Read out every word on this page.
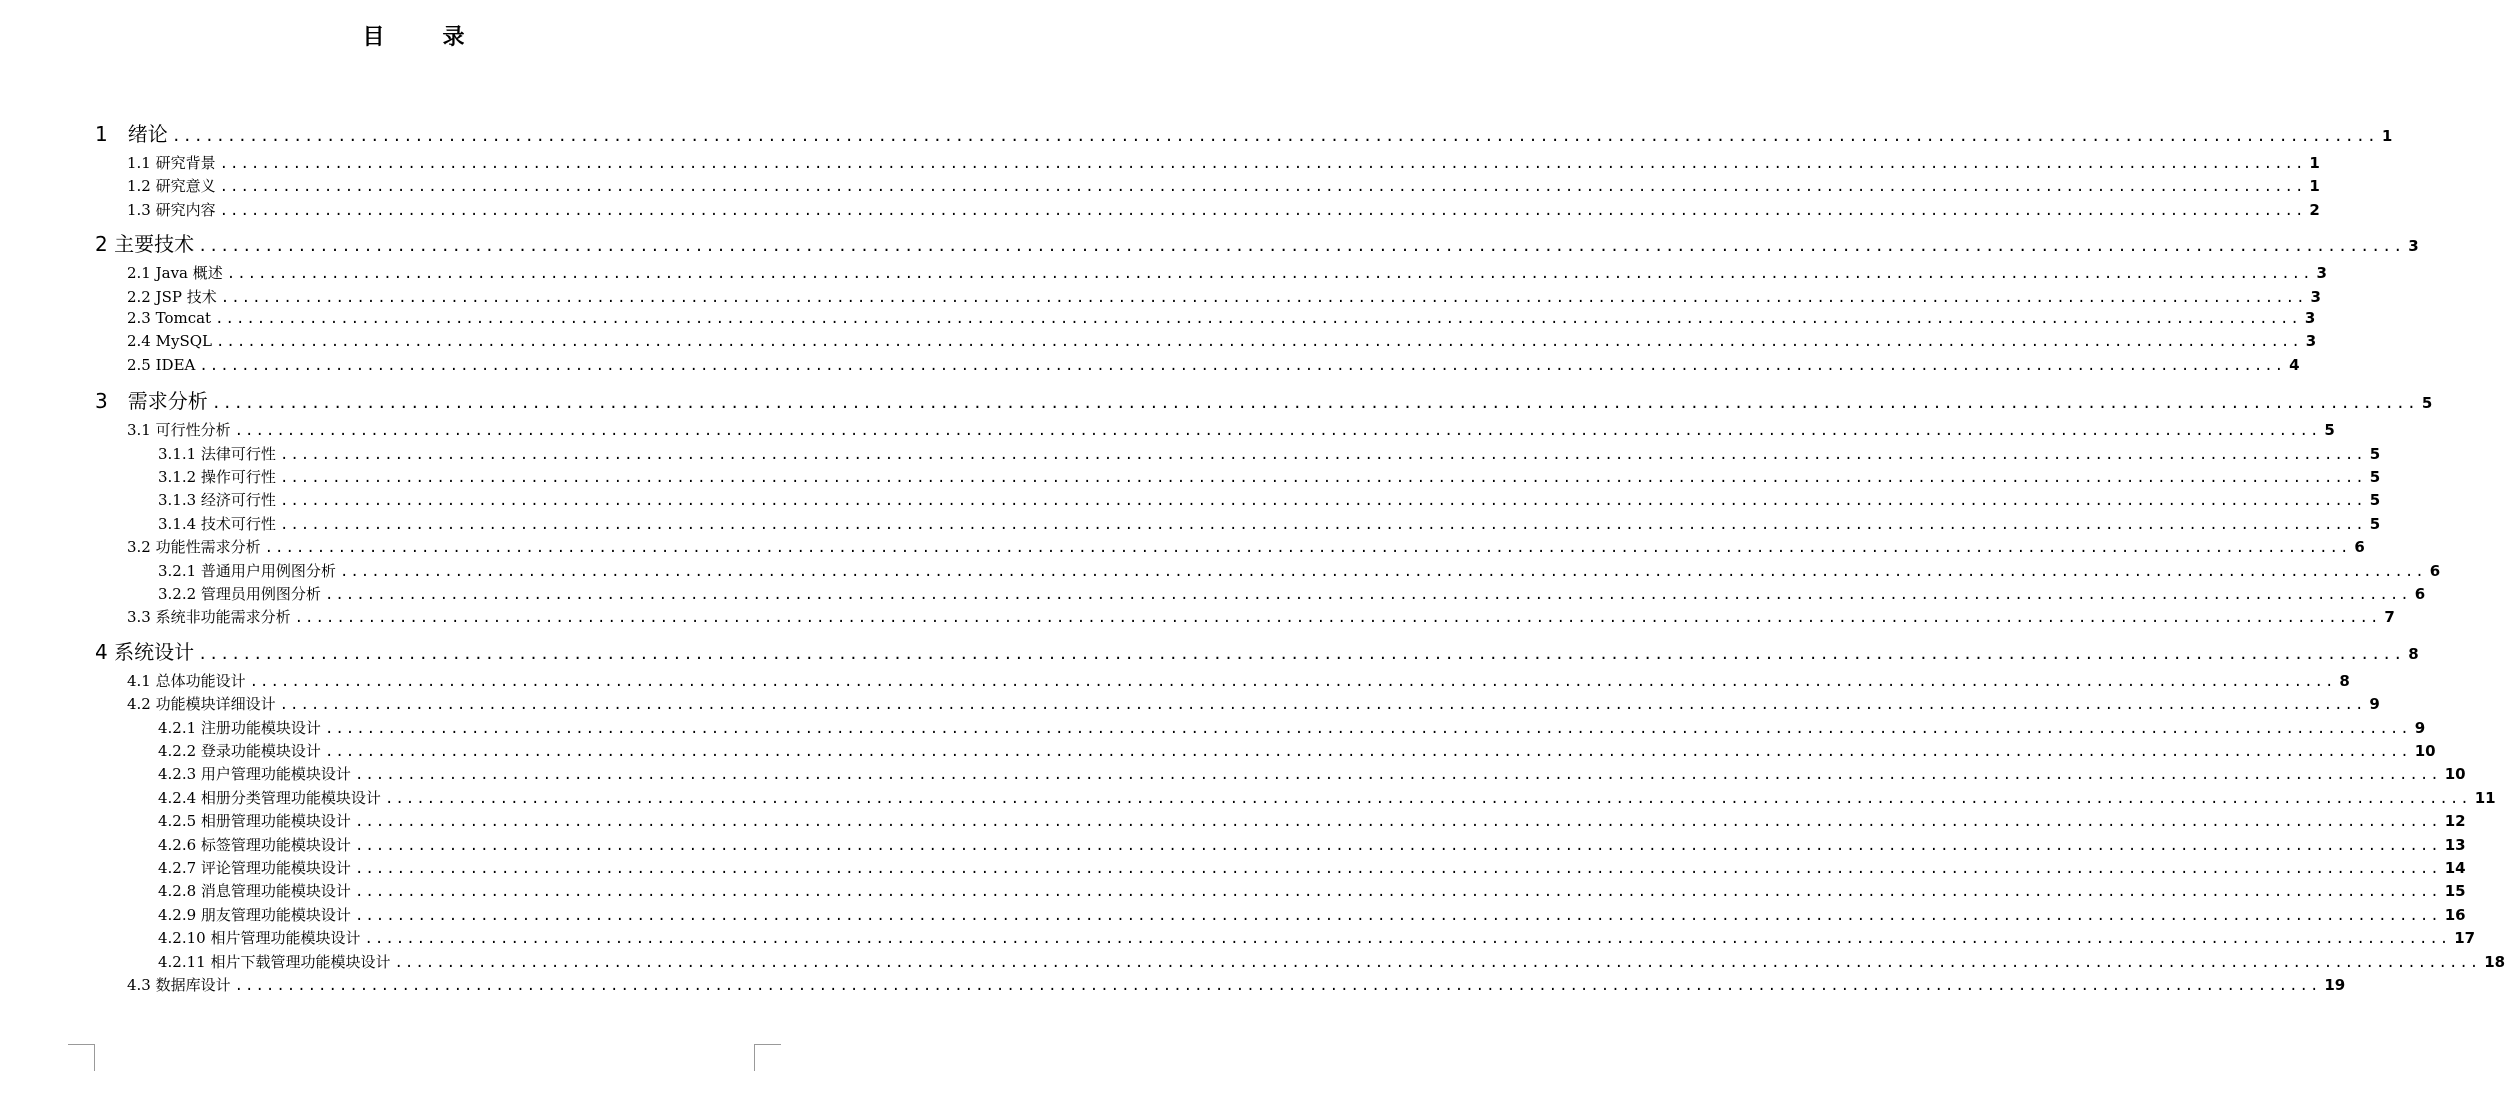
目　录
1　绪论 ........................................................................................................................................................................................................ 1
1.1 研究背景 ........................................................................................................................................................................................................ 1
1.2 研究意义 ........................................................................................................................................................................................................ 1
1.3 研究内容 ........................................................................................................................................................................................................ 2
2 主要技术 ........................................................................................................................................................................................................ 3
2.1 Java 概述 ........................................................................................................................................................................................................ 3
2.2 JSP 技术 ........................................................................................................................................................................................................ 3
2.3 Tomcat ........................................................................................................................................................................................................ 3
2.4 MySQL ........................................................................................................................................................................................................ 3
2.5 IDEA ........................................................................................................................................................................................................ 4
3　需求分析 ........................................................................................................................................................................................................ 5
3.1 可行性分析 ........................................................................................................................................................................................................ 5
3.1.1 法律可行性 ........................................................................................................................................................................................................ 5
3.1.2 操作可行性 ........................................................................................................................................................................................................ 5
3.1.3 经济可行性 ........................................................................................................................................................................................................ 5
3.1.4 技术可行性 ........................................................................................................................................................................................................ 5
3.2 功能性需求分析 ........................................................................................................................................................................................................ 6
3.2.1 普通用户用例图分析 ........................................................................................................................................................................................................ 6
3.2.2 管理员用例图分析 ........................................................................................................................................................................................................ 6
3.3 系统非功能需求分析 ........................................................................................................................................................................................................ 7
4 系统设计 ........................................................................................................................................................................................................ 8
4.1 总体功能设计 ........................................................................................................................................................................................................ 8
4.2 功能模块详细设计 ........................................................................................................................................................................................................ 9
4.2.1 注册功能模块设计 ........................................................................................................................................................................................................ 9
4.2.2 登录功能模块设计 ........................................................................................................................................................................................................ 10
4.2.3 用户管理功能模块设计 ........................................................................................................................................................................................................ 10
4.2.4 相册分类管理功能模块设计 ........................................................................................................................................................................................................ 11
4.2.5 相册管理功能模块设计 ........................................................................................................................................................................................................ 12
4.2.6 标签管理功能模块设计 ........................................................................................................................................................................................................ 13
4.2.7 评论管理功能模块设计 ........................................................................................................................................................................................................ 14
4.2.8 消息管理功能模块设计 ........................................................................................................................................................................................................ 15
4.2.9 朋友管理功能模块设计 ........................................................................................................................................................................................................ 16
4.2.10 相片管理功能模块设计 ........................................................................................................................................................................................................ 17
4.2.11 相片下载管理功能模块设计 ........................................................................................................................................................................................................ 18
4.3 数据库设计 ........................................................................................................................................................................................................ 19
